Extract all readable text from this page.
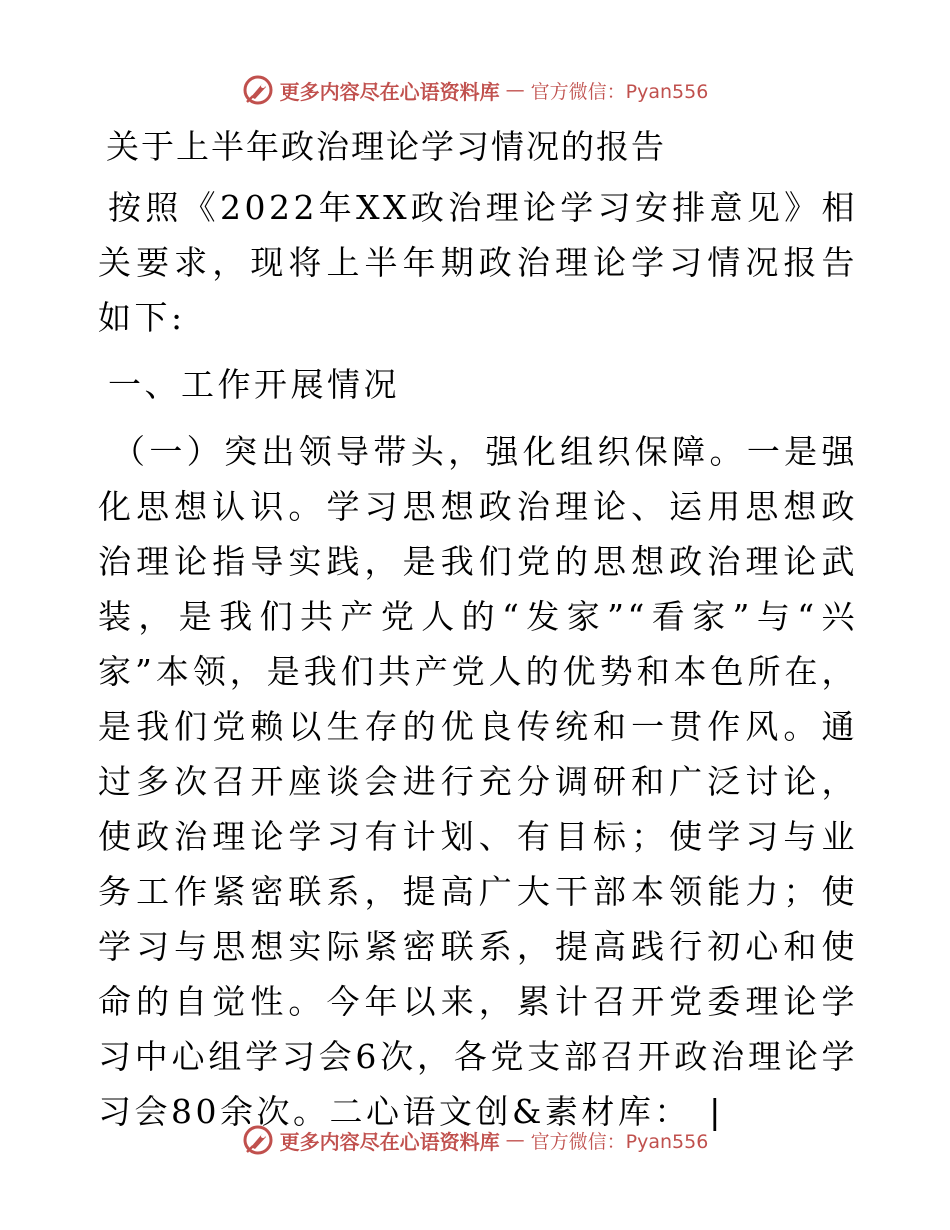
更多内容尽在心语资料库 — 官方微信：Pyan556
关于上半年政治理论学习情况的报告

按照《2022年XX政治理论学习安排意见》相关要求，现将上半年期政治理论学习情况报告如下:

一、工作开展情况

（一）突出领导带头，强化组织保障。一是强化思想认识。学习思想政治理论、运用思想政治理论指导实践，是我们党的思想政治理论武装，是我们共产党人的“发家”“看家”与“兴家”本领，是我们共产党人的优势和本色所在，是我们党赖以生存的优良传统和一贯作风。通过多次召开座谈会进行充分调研和广泛讨论，使政治理论学习有计划、有目标；使学习与业务工作紧密联系，提高广大干部本领能力；使学习与思想实际紧密联系，提高践行初心和使命的自觉性。今年以来，累计召开党委理论学习中心组学习会6次，各党支部召开政治理论学习会80余次。二心语文创&素材库： |

更多内容尽在心语资料库 — 官方微信：Pyan556
